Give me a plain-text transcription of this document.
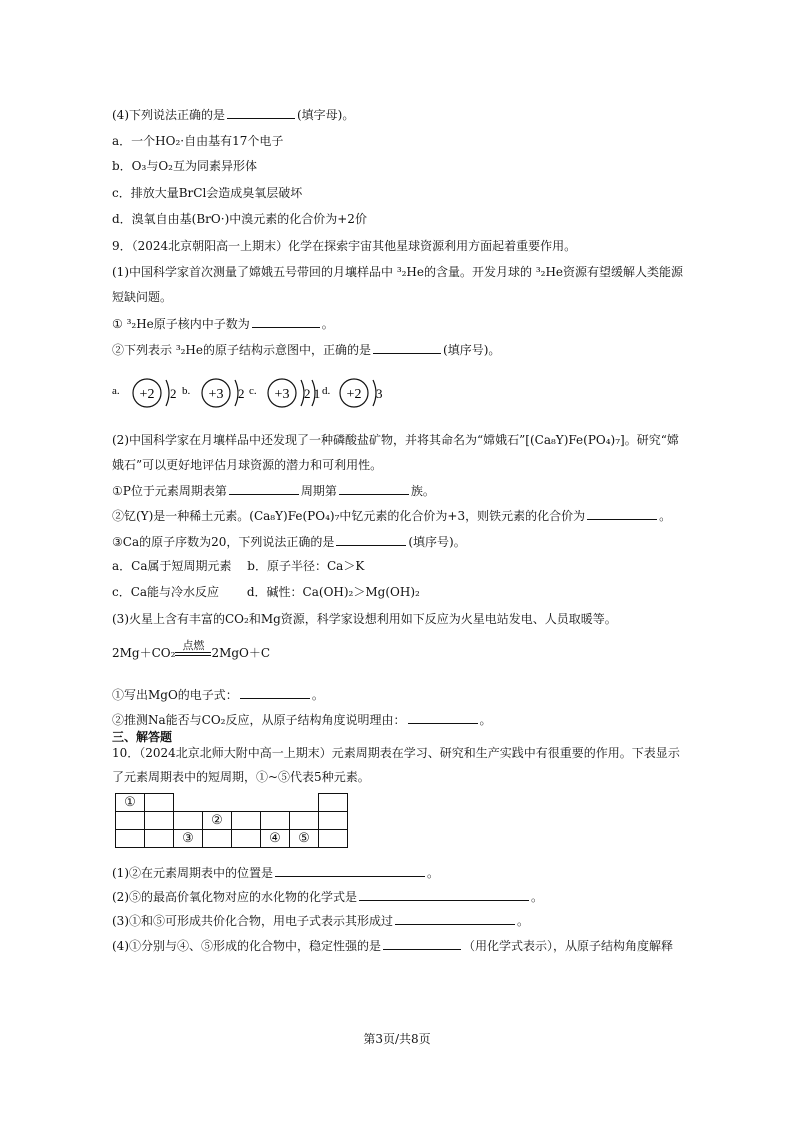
(4)下列说法正确的是	(填字母)。
a．一个HO₂·自由基有17个电子
b．O₃与O₂互为同素异形体
c．排放大量BrCl会造成臭氧层破坏
d．溴氧自由基(BrO·)中溴元素的化合价为+2价
9．（2024北京朝阳高一上期末）化学在探索宇宙其他星球资源利用方面起着重要作用。
(1)中国科学家首次测量了嫦娥五号带回的月壤样品中 ³₂He的含量。开发月球的 ³₂He资源有望缓解人类能源
短缺问题。
① ³₂He原子核内中子数为	。
②下列表示 ³₂He的原子结构示意图中，正确的是	(填序号)。
a. +2 2 b. +3 2 c. +3 2 1 d. +2 3
(2)中国科学家在月壤样品中还发现了一种磷酸盐矿物，并将其命名为“嫦娥石”[(Ca₈Y)Fe(PO₄)₇]。研究“嫦
娥石”可以更好地评估月球资源的潜力和可利用性。
①P位于元素周期表第	周期第	族。
②钇(Y)是一种稀土元素。(Ca₈Y)Fe(PO₄)₇中钇元素的化合价为+3，则铁元素的化合价为	。
③Ca的原子序数为20，下列说法正确的是	(填序号)。
a．Ca属于短周期元素　 b．原子半径：Ca＞K
c．Ca能与冷水反应　　 d．碱性：Ca(OH)₂＞Mg(OH)₂
(3)火星上含有丰富的CO₂和Mg资源，科学家设想利用如下反应为火星电站发电、人员取暖等。
2Mg＋CO₂
点燃
2MgO＋C
①写出MgO的电子式：	。
②推测Na能否与CO₂反应，从原子结构角度说明理由：	。
三、解答题
10．（2024北京北师大附中高一上期末）元素周期表在学习、研究和生产实践中有很重要的作用。下表显示
了元素周期表中的短周期，①~⑤代表5种元素。
①							
			②				
		③			④	⑤	
(1)②在元素周期表中的位置是	。
(2)⑤的最高价氧化物对应的水化物的化学式是	。
(3)①和⑤可形成共价化合物，用电子式表示其形成过	。
(4)①分别与④、⑤形成的化合物中，稳定性强的是	（用化学式表示），从原子结构角度解释
第3页/共8页
